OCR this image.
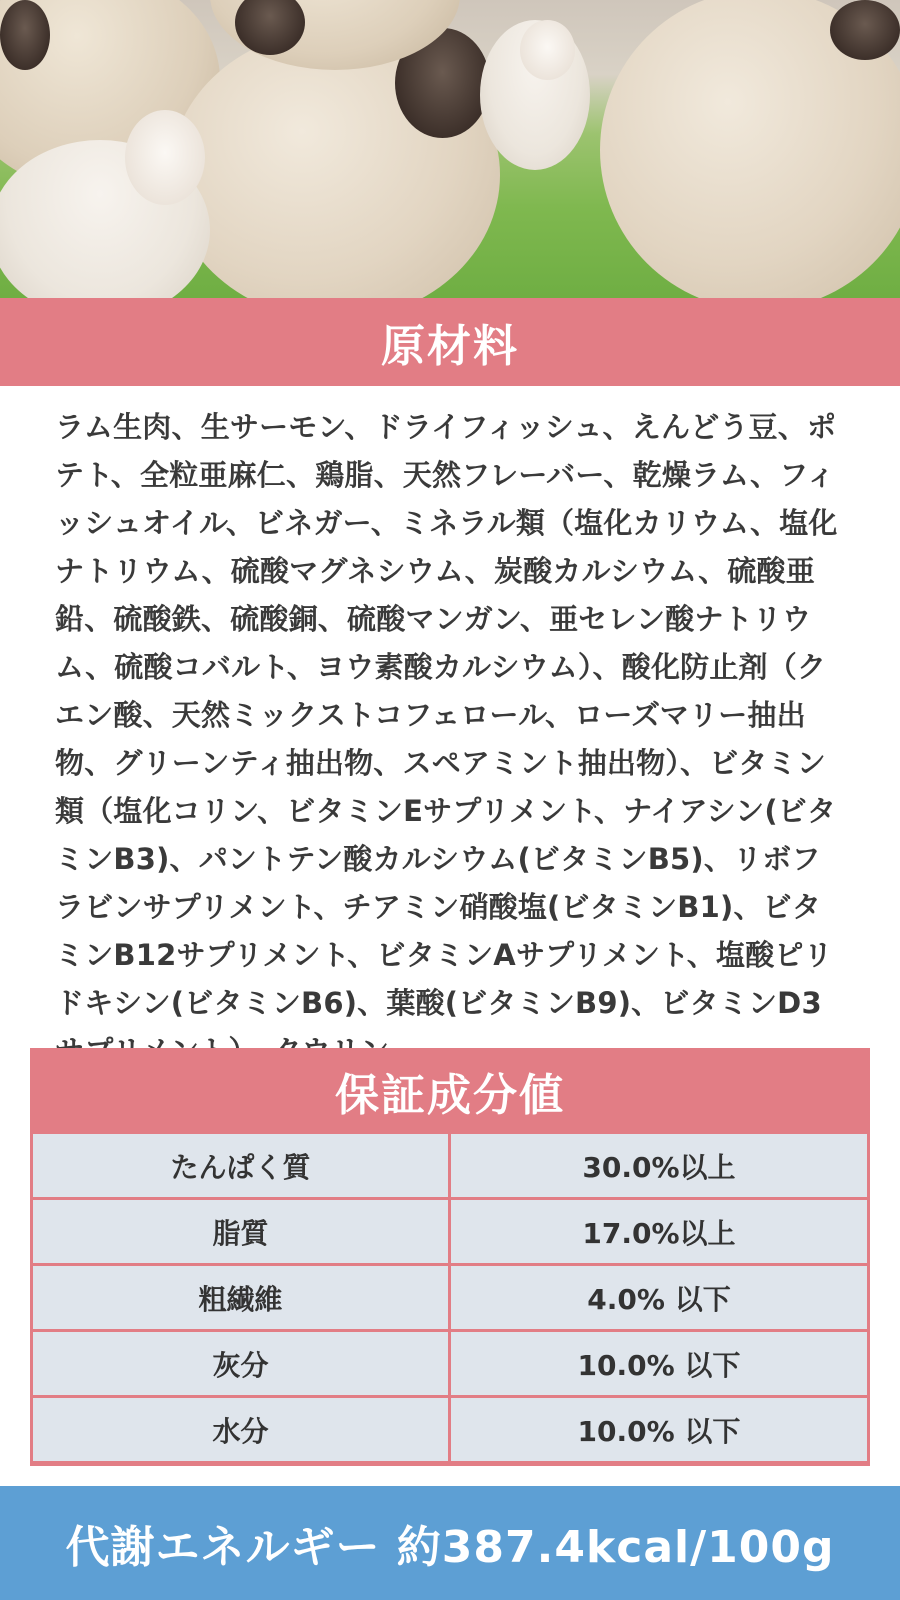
原材料

ラム生肉、生サーモン、ドライフィッシュ、えんどう豆、ポテト、全粒亜麻仁、鶏脂、天然フレーバー、乾燥ラム、フィッシュオイル、ビネガー、ミネラル類（塩化カリウム、塩化ナトリウム、硫酸マグネシウム、炭酸カルシウム、硫酸亜鉛、硫酸鉄、硫酸銅、硫酸マンガン、亜セレン酸ナトリウム、硫酸コバルト、ヨウ素酸カルシウム）、酸化防止剤（クエン酸、天然ミックストコフェロール、ローズマリー抽出物、グリーンティ抽出物、スペアミント抽出物）、ビタミン類（塩化コリン、ビタミンEサプリメント、ナイアシン(ビタミンB3)、パントテン酸カルシウム(ビタミンB5)、リボフラビンサプリメント、チアミン硝酸塩(ビタミンB1)、ビタミンB12サプリメント、ビタミンAサプリメント、塩酸ピリドキシン(ビタミンB6)、葉酸(ビタミンB9)、ビタミンD3

保証成分値
たんぱく質	30.0%以上
脂質	17.0%以上
粗繊維	4.0% 以下
灰分	10.0% 以下
水分	10.0% 以下
代謝エネルギー 約387.4kcal/100g
